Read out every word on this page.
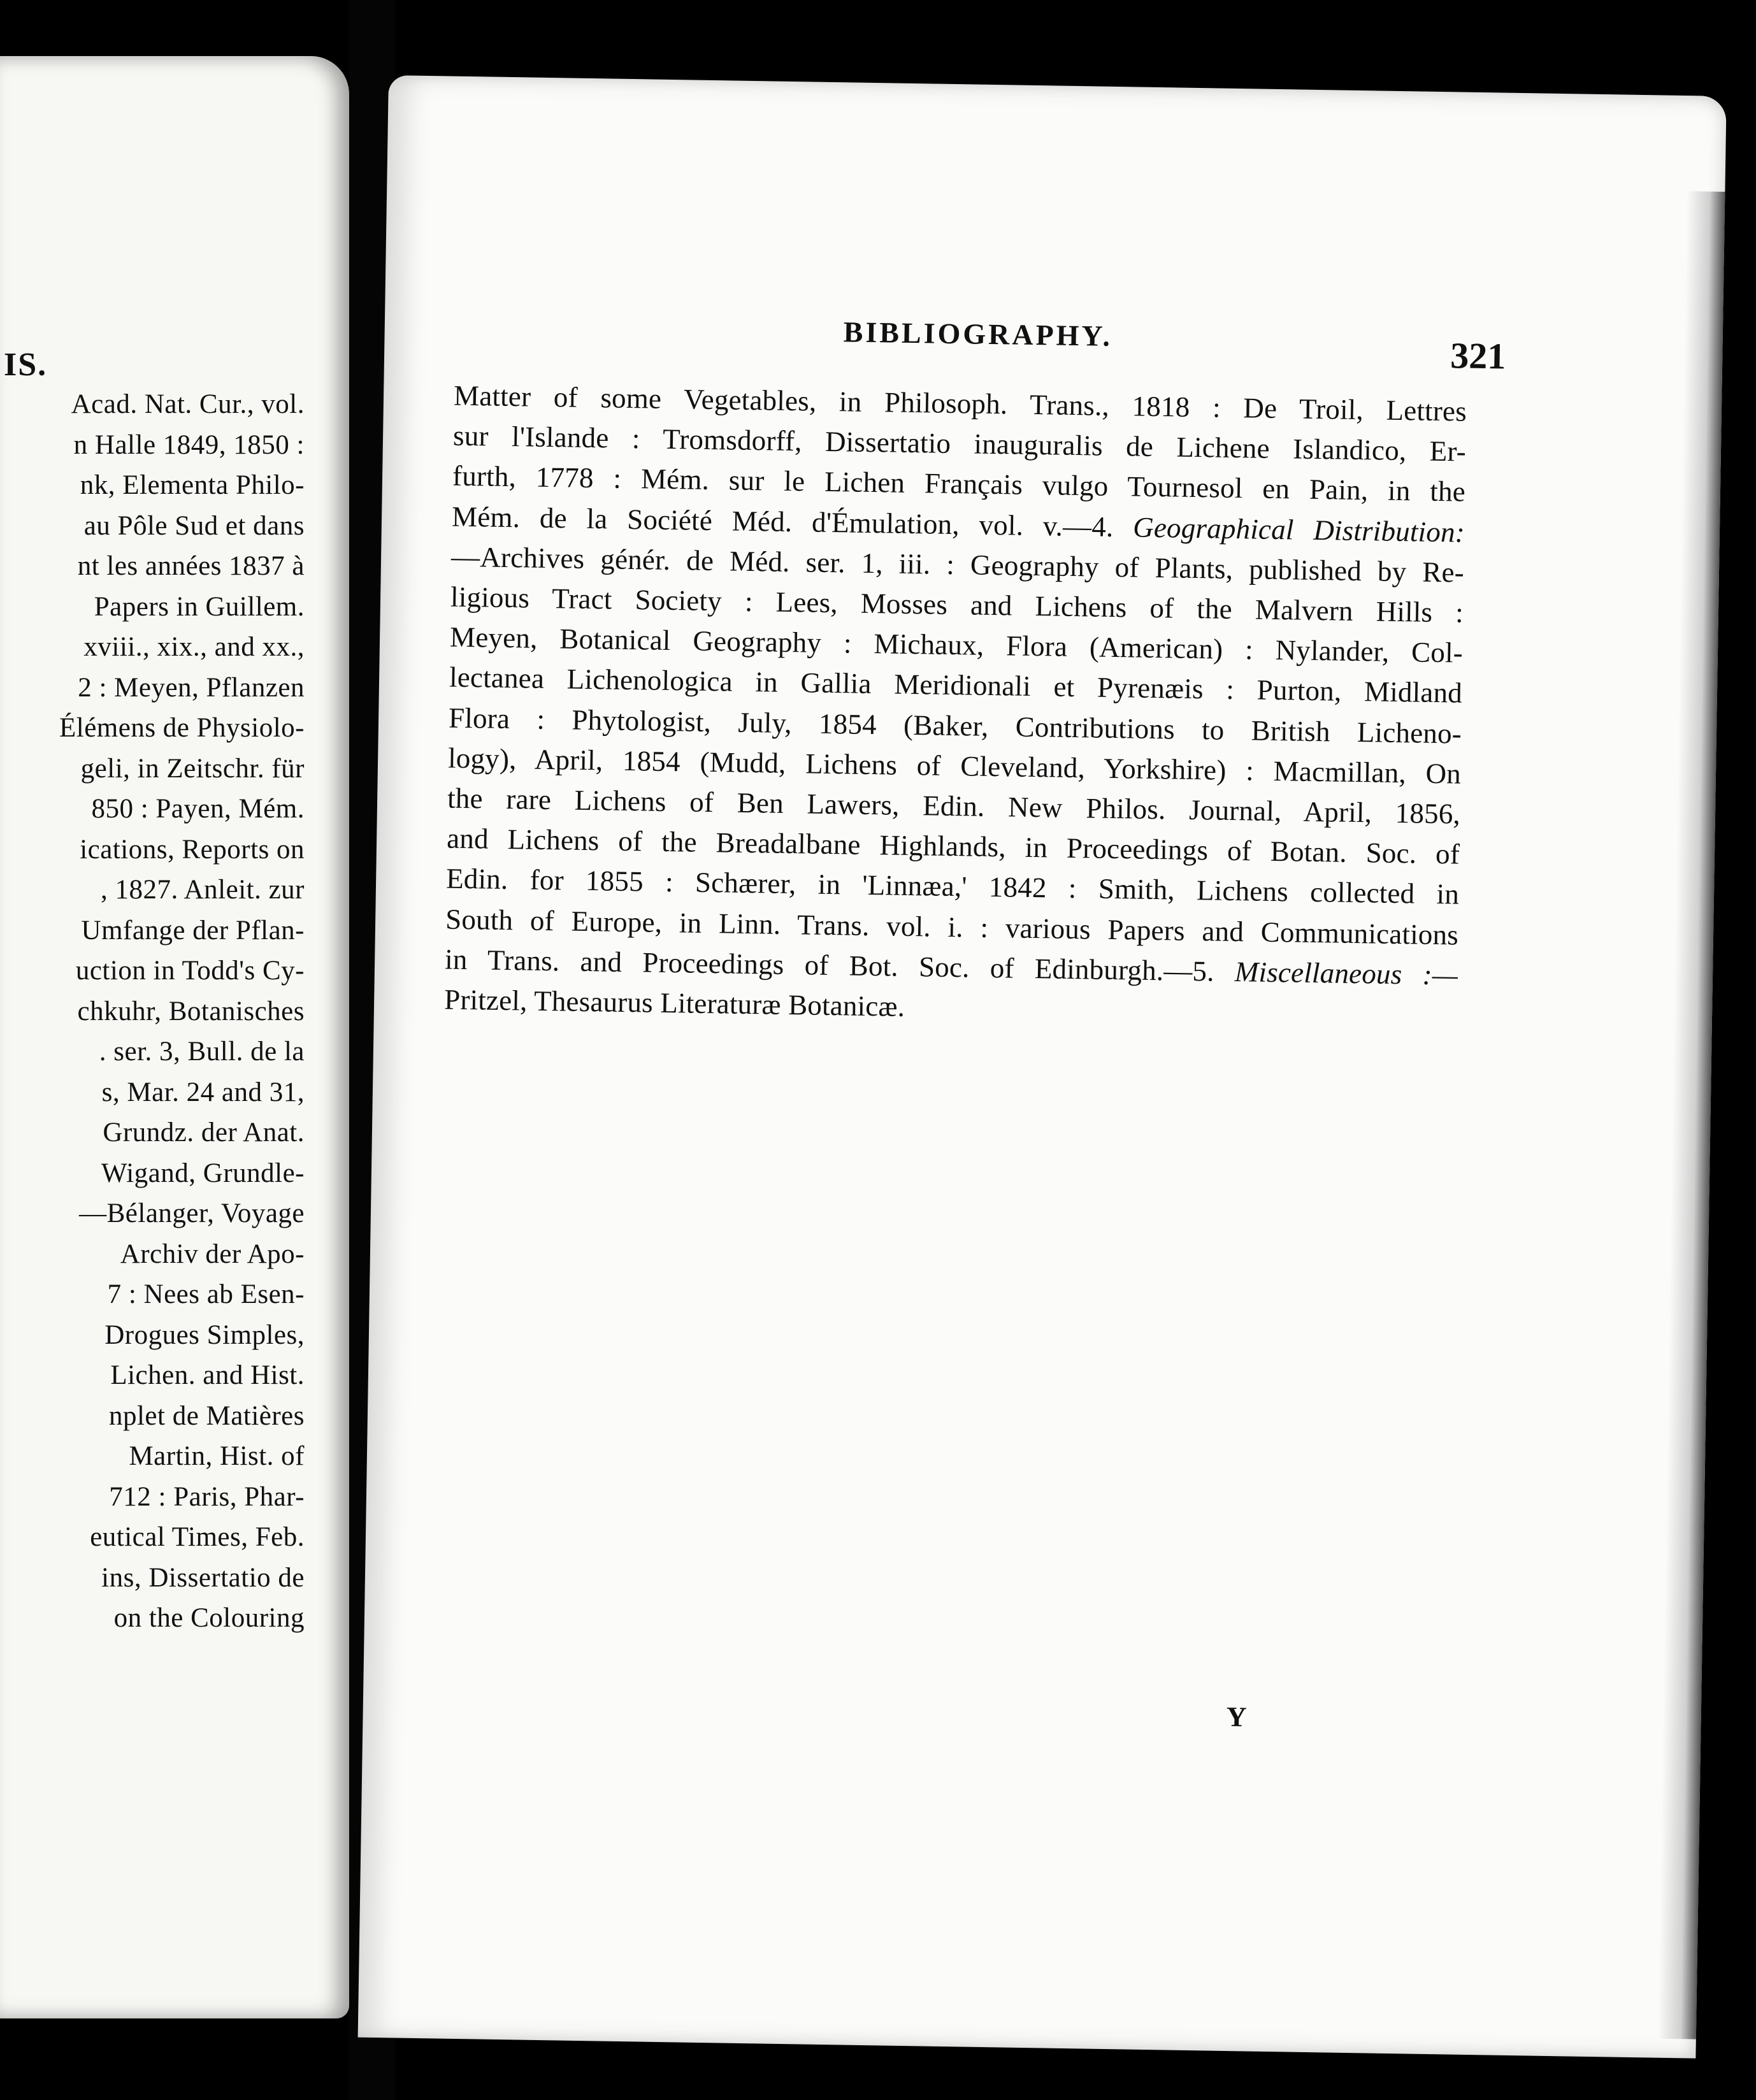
IS.
Acad. Nat. Cur., vol.
n Halle 1849, 1850 :
nk, Elementa Philo-
au Pôle Sud et dans
nt les années 1837 à
Papers in Guillem.
xviii., xix., and xx.,
2 : Meyen, Pflanzen
Élémens de Physiolo-
geli, in Zeitschr. für
850 : Payen, Mém.
ications, Reports on
, 1827. Anleit. zur
Umfange der Pflan-
uction in Todd's Cy-
chkuhr, Botanisches
. ser. 3, Bull. de la
s, Mar. 24 and 31,
Grundz. der Anat.
Wigand, Grundle-
—Bélanger, Voyage
Archiv der Apo-
7 : Nees ab Esen-
Drogues Simples,
Lichen. and Hist.
nplet de Matières
Martin, Hist. of
712 : Paris, Phar-
eutical Times, Feb.
ins, Dissertatio de
on the Colouring
BIBLIOGRAPHY.
321
Matter of some Vegetables, in Philosoph. Trans., 1818 : De Troil, Lettres
sur l'Islande : Tromsdorff, Dissertatio inauguralis de Lichene Islandico, Er-
furth, 1778 : Mém. sur le Lichen Français vulgo Tournesol en Pain, in the
Mém. de la Société Méd. d'Émulation, vol. v.—4. Geographical Distribution:
—Archives génér. de Méd. ser. 1, iii. : Geography of Plants, published by Re-
ligious Tract Society : Lees, Mosses and Lichens of the Malvern Hills :
Meyen, Botanical Geography : Michaux, Flora (American) : Nylander, Col-
lectanea Lichenologica in Gallia Meridionali et Pyrenæis : Purton, Midland
Flora : Phytologist, July, 1854 (Baker, Contributions to British Licheno-
logy), April, 1854 (Mudd, Lichens of Cleveland, Yorkshire) : Macmillan, On
the rare Lichens of Ben Lawers, Edin. New Philos. Journal, April, 1856,
and Lichens of the Breadalbane Highlands, in Proceedings of Botan. Soc. of
Edin. for 1855 : Schærer, in 'Linnæa,' 1842 : Smith, Lichens collected in
South of Europe, in Linn. Trans. vol. i. : various Papers and Communications
in Trans. and Proceedings of Bot. Soc. of Edinburgh.—5. Miscellaneous :—
Pritzel, Thesaurus Literaturæ Botanicæ.
Y
